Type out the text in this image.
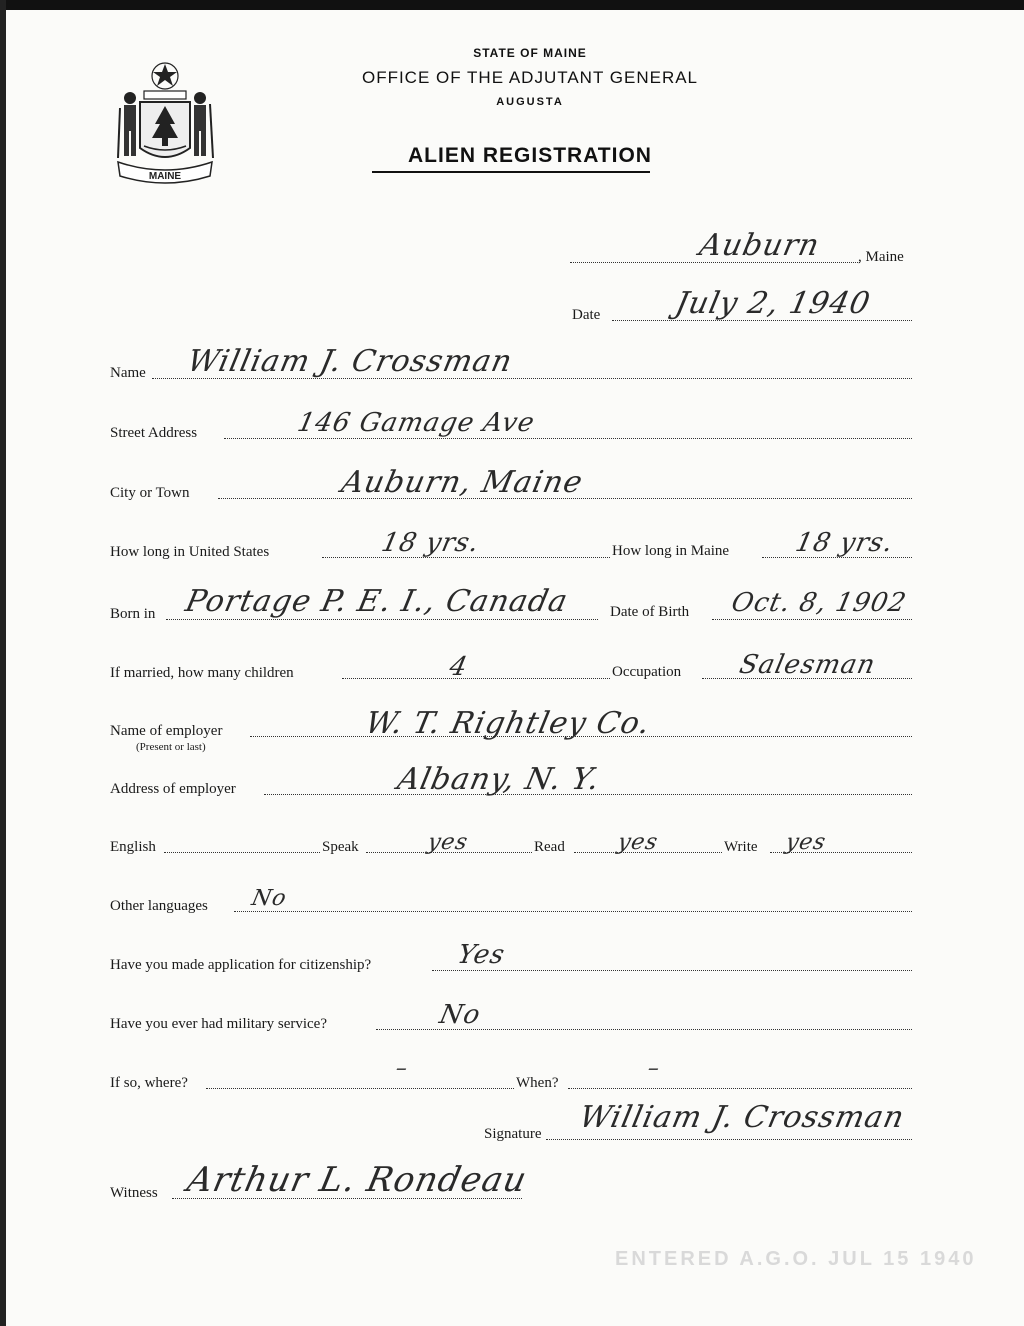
MAINE
STATE OF MAINE
OFFICE OF THE ADJUTANT GENERAL
AUGUSTA
ALIEN REGISTRATION
Auburn , Maine
Date July 2, 1940
Name William J. Crossman
Street Address	146 Gamage Ave
City or Town	Auburn, Maine
How long in United States	18 yrs.	How long in Maine 18 yrs.
Born in Portage P. E. I., Canada	Date of Birth Oct. 8, 1902
If married, how many children	4	Occupation Salesman
Name of employer
(Present or last)
W. T. Rightley Co.
Address of employer	Albany, N. Y.
English	Speak	yes	Read yes	Write yes
Other languages No
Have you made application for citizenship?	Yes
Have you ever had military service?	No
If so, where?
–
When?
–
Signature William J. Crossman
Witness Arthur L. Rondeau
ENTERED A.G.O. JUL 15 1940
